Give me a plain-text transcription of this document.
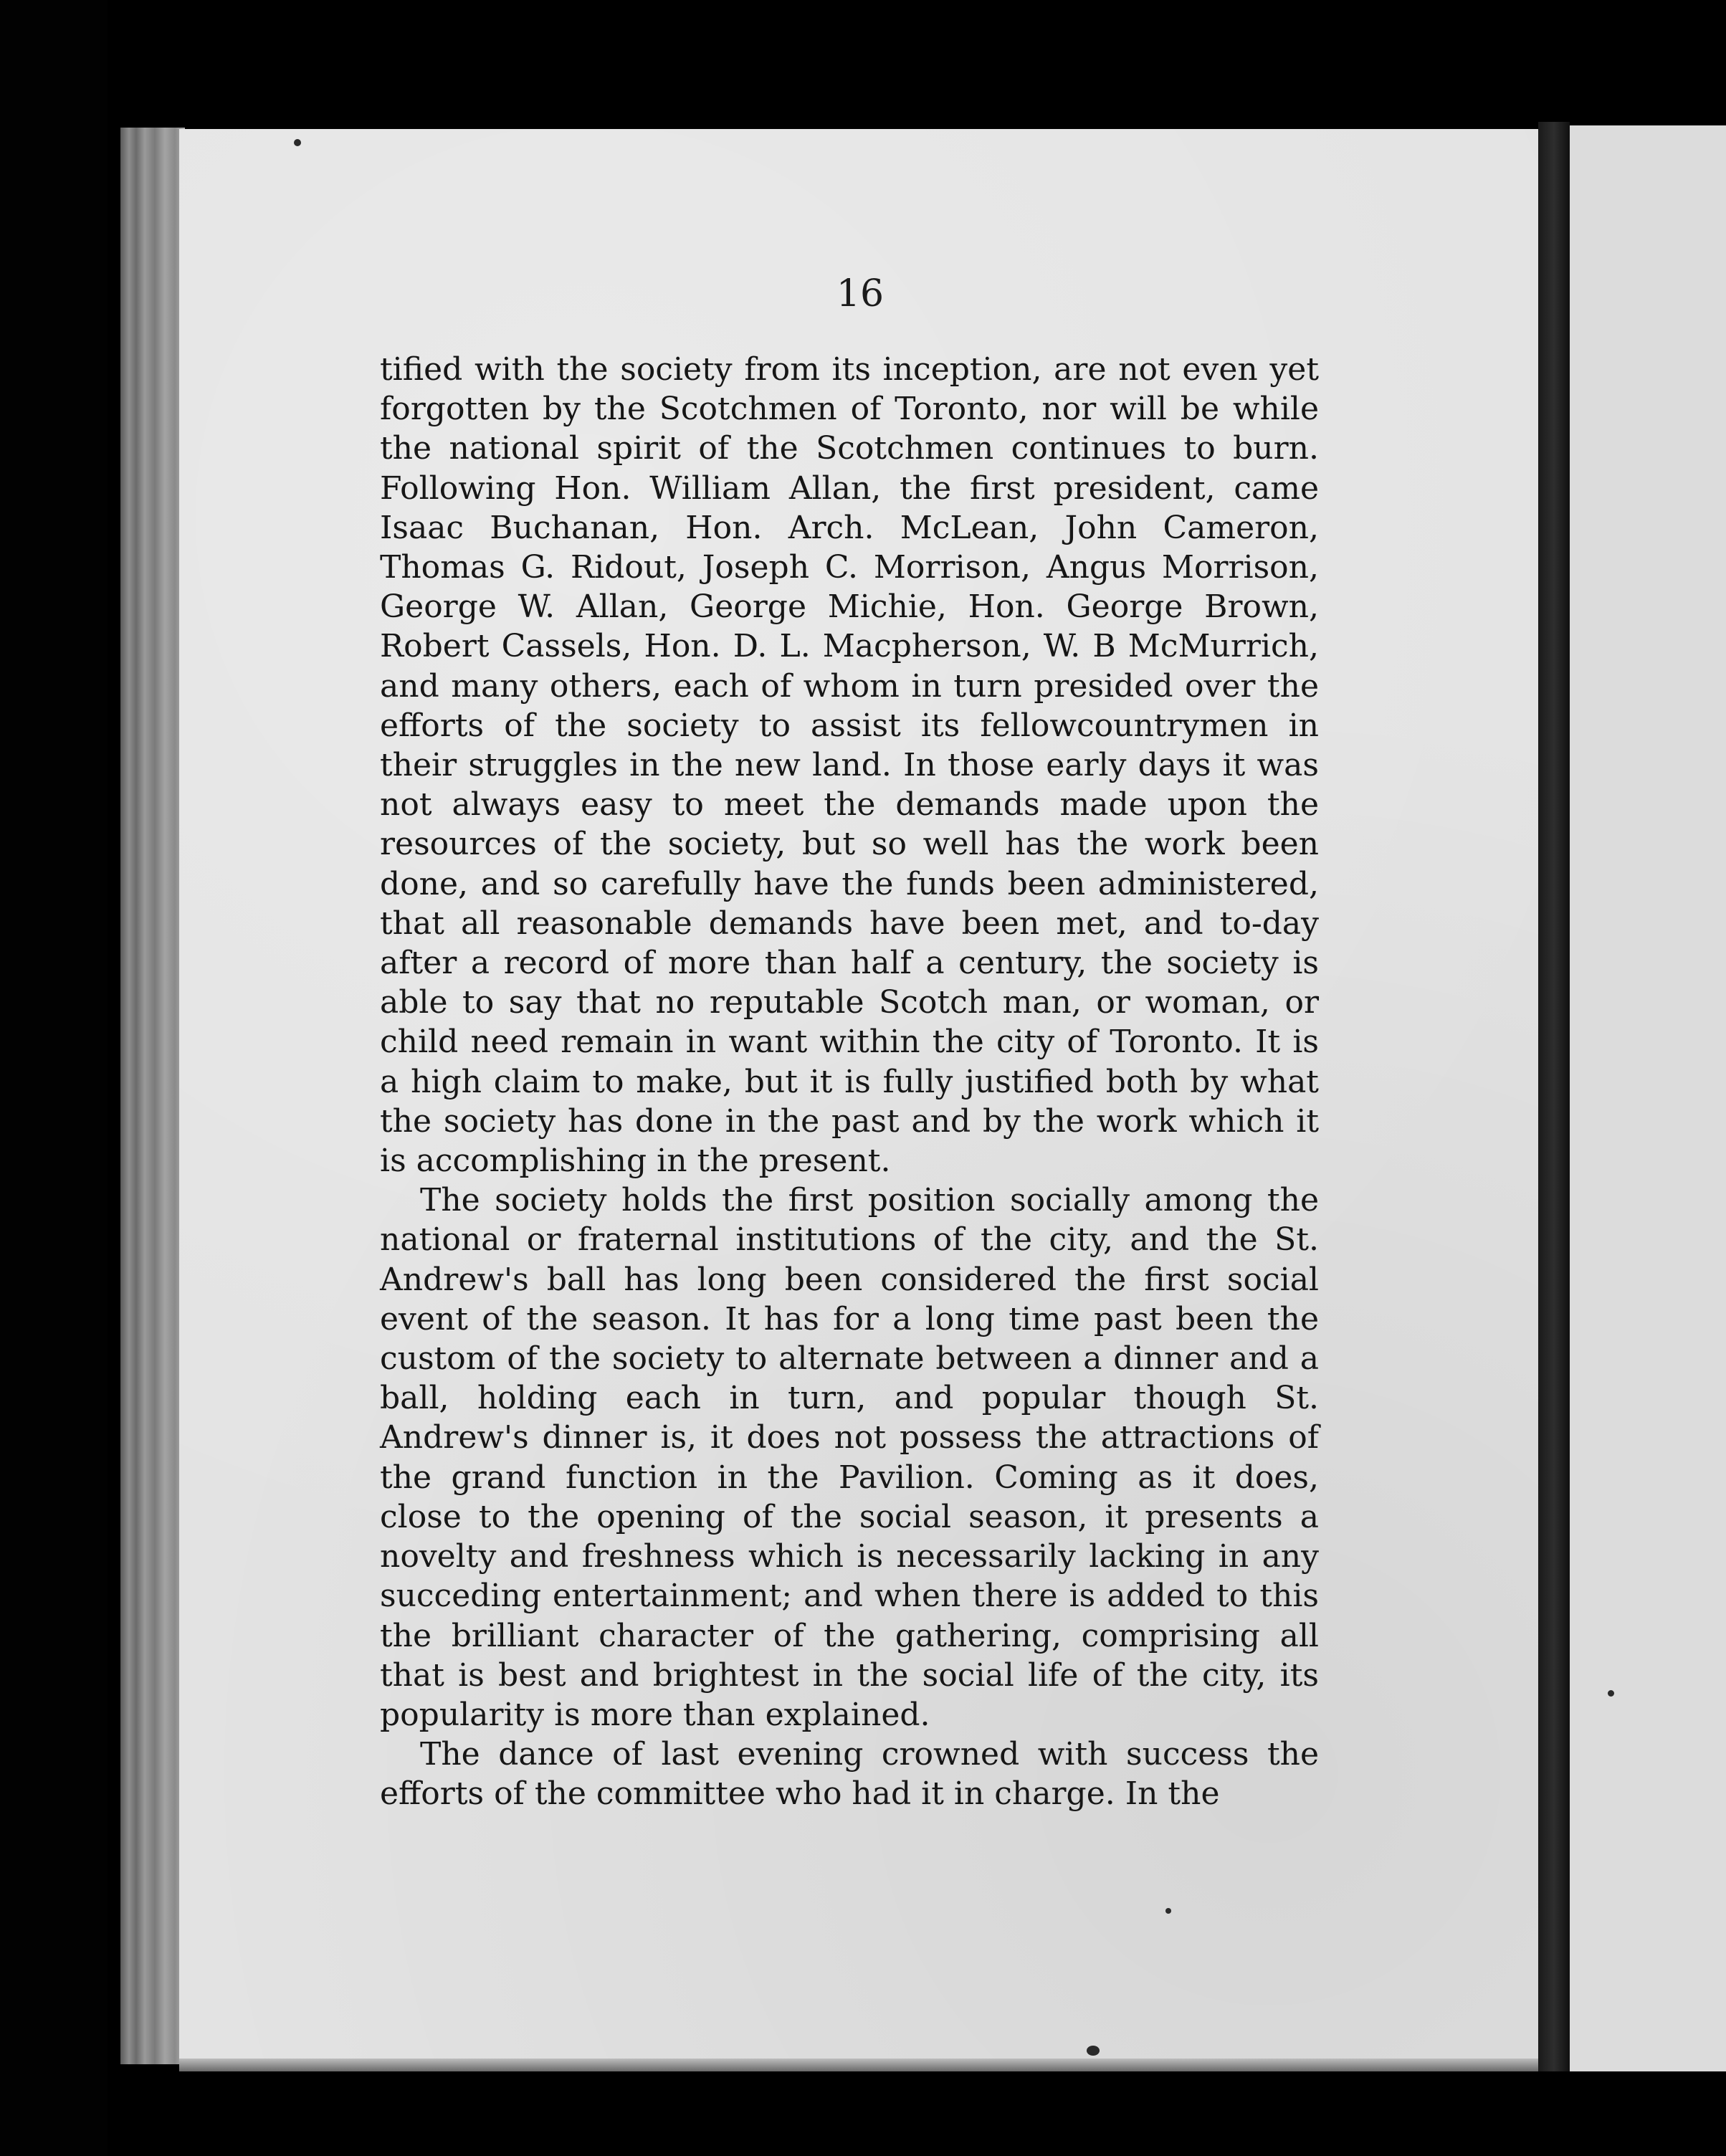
16

tified with the society from its inception, are not even yet forgotten by the Scotchmen of Toronto, nor will be while the national spirit of the Scotchmen continues to burn. Following Hon. William Allan, the first president, came Isaac Buchanan, Hon. Arch. McLean, John Cameron, Thomas G. Ridout, Joseph C. Morrison, Angus Morrison, George W. Allan, George Michie, Hon. George Brown, Robert Cassels, Hon. D. L. Macpherson, W. B McMurrich, and many others, each of whom in turn presided over the efforts of the society to assist its fellowcountrymen in their struggles in the new land. In those early days it was not always easy to meet the demands made upon the resources of the society, but so well has the work been done, and so carefully have the funds been administered, that all reasonable demands have been met, and to-day after a record of more than half a century, the society is able to say that no reputable Scotch man, or woman, or child need remain in want within the city of Toronto. It is a high claim to make, but it is fully justified both by what the society has done in the past and by the work which it is accomplishing in the present.

The society holds the first position socially among the national or fraternal institutions of the city, and the St. Andrew's ball has long been considered the first social event of the season. It has for a long time past been the custom of the society to alternate between a dinner and a ball, holding each in turn, and popular though St. Andrew's dinner is, it does not possess the attractions of the grand function in the Pavilion. Coming as it does, close to the opening of the social season, it presents a novelty and freshness which is necessarily lacking in any succeding entertainment; and when there is added to this the brilliant character of the gathering, comprising all that is best and brightest in the social life of the city, its popularity is more than explained.

The dance of last evening crowned with success the efforts of the committee who had it in charge. In the
